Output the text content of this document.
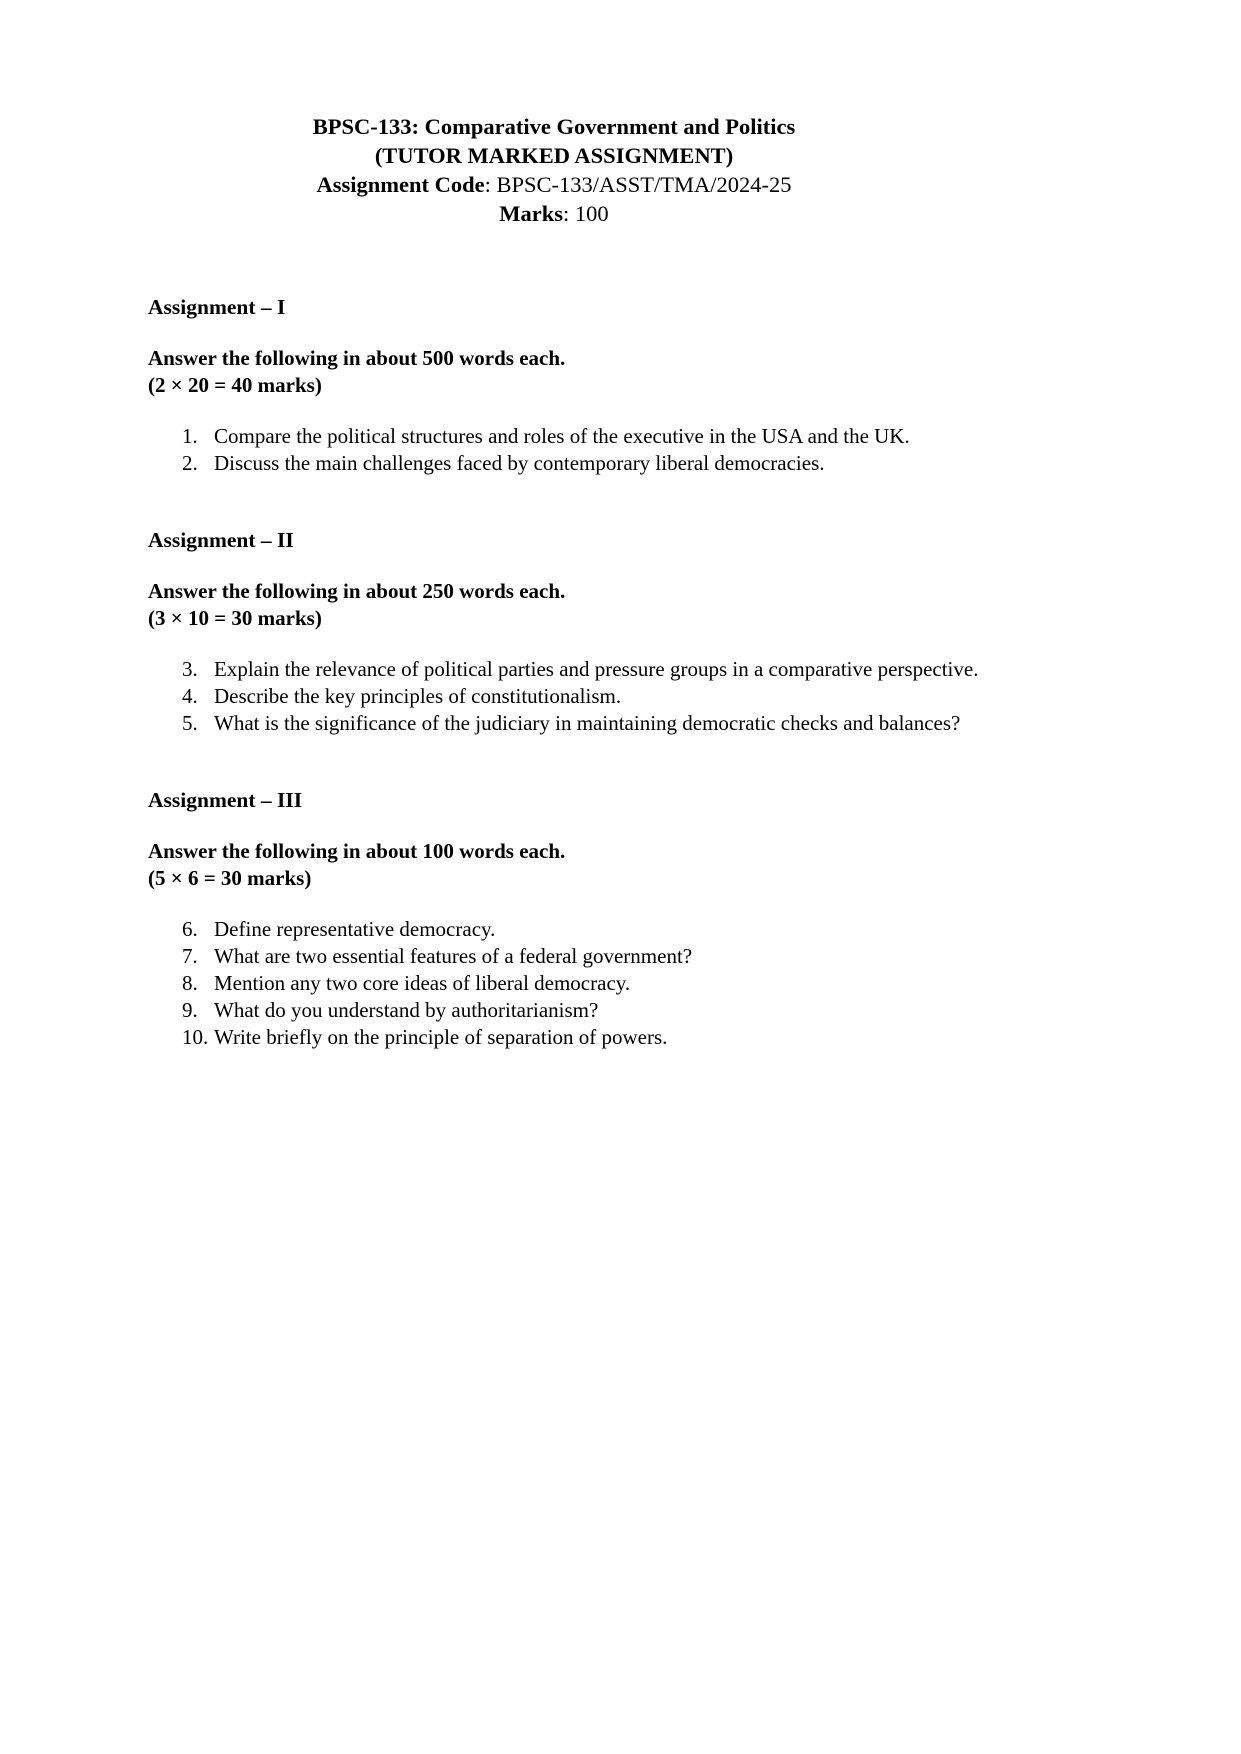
BPSC-133: Comparative Government and Politics
(TUTOR MARKED ASSIGNMENT)
Assignment Code: BPSC-133/ASST/TMA/2024-25
Marks: 100
Assignment – I

Answer the following in about 500 words each.

(2 × 20 = 40 marks)

1. Compare the political structures and roles of the executive in the USA and the UK.
2. Discuss the main challenges faced by contemporary liberal democracies.
Assignment – II

Answer the following in about 250 words each.

(3 × 10 = 30 marks)

3. Explain the relevance of political parties and pressure groups in a comparative perspective.
4. Describe the key principles of constitutionalism.
5. What is the significance of the judiciary in maintaining democratic checks and balances?
Assignment – III

Answer the following in about 100 words each.

(5 × 6 = 30 marks)

6. Define representative democracy.
7. What are two essential features of a federal government?
8. Mention any two core ideas of liberal democracy.
9. What do you understand by authoritarianism?
10. Write briefly on the principle of separation of powers.
